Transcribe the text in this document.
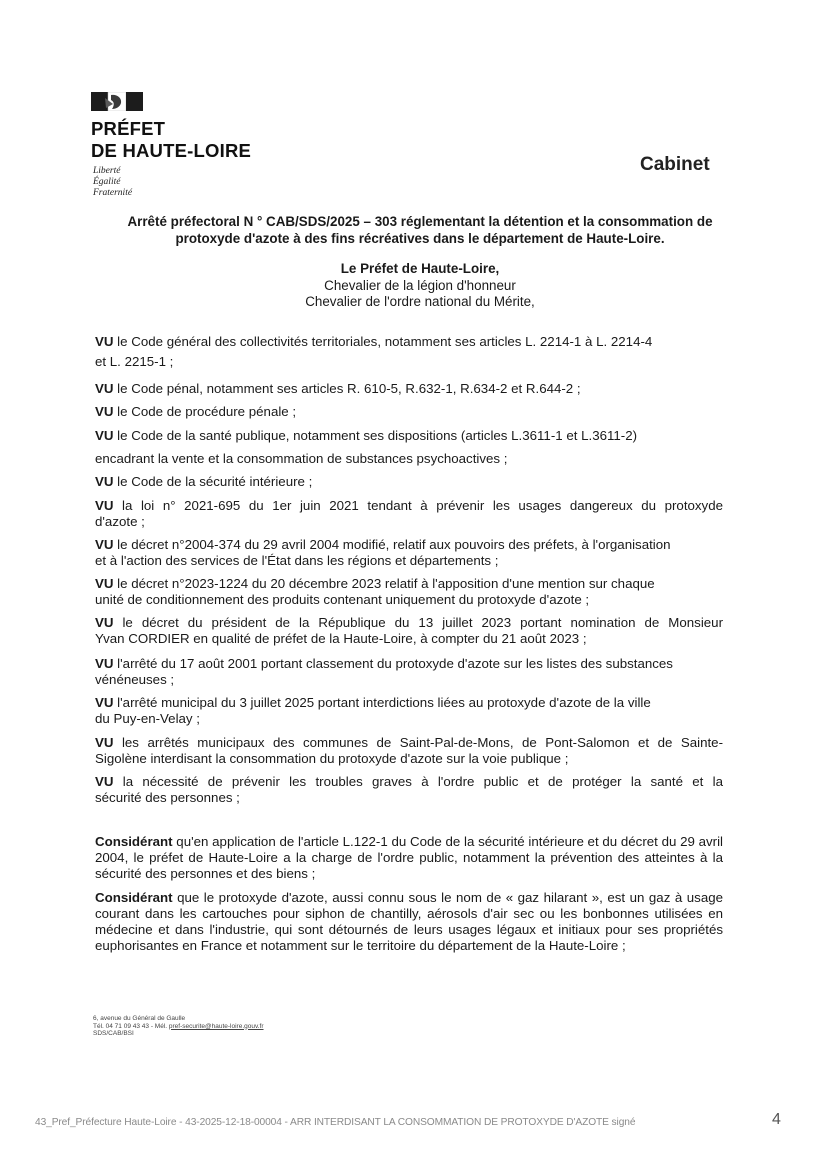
PRÉFET
DE HAUTE-LOIRE
Liberté
Égalité
Fraternité
Cabinet
Arrêté préfectoral N ° CAB/SDS/2025 – 303 réglementant la détention et la consommation de
protoxyde d'azote à des fins récréatives dans le département de Haute-Loire.
Le Préfet de Haute-Loire,
Chevalier de la légion d'honneur
Chevalier de l'ordre national du Mérite,
VU le Code général des collectivités territoriales, notamment ses articles L. 2214-1 à L. 2214-4
et L. 2215-1 ;
VU le Code pénal, notamment ses articles R. 610-5, R.632-1, R.634-2 et R.644-2 ;
VU le Code de procédure pénale ;
VU le Code de la santé publique, notamment ses dispositions (articles L.3611-1 et L.3611-2)
encadrant la vente et la consommation de substances psychoactives ;
VU le Code de la sécurité intérieure ;
VU la loi n° 2021-695 du 1er juin 2021 tendant à prévenir les usages dangereux du protoxyde
d'azote ;
VU le décret n°2004-374 du 29 avril 2004 modifié, relatif aux pouvoirs des préfets, à l'organisation
et à l'action des services de l'État dans les régions et départements ;
VU le décret n°2023-1224 du 20 décembre 2023 relatif à l'apposition d'une mention sur chaque
unité de conditionnement des produits contenant uniquement du protoxyde d'azote ;
VU le décret du président de la République du 13 juillet 2023 portant nomination de Monsieur
Yvan CORDIER en qualité de préfet de la Haute-Loire, à compter du 21 août 2023 ;
VU l'arrêté du 17 août 2001 portant classement du protoxyde d'azote sur les listes des substances
vénéneuses ;
VU l'arrêté municipal du 3 juillet 2025 portant interdictions liées au protoxyde d'azote de la ville
du Puy-en-Velay ;
VU les arrêtés municipaux des communes de Saint-Pal-de-Mons, de Pont-Salomon et de Sainte-
Sigolène interdisant la consommation du protoxyde d'azote sur la voie publique ;
VU la nécessité de prévenir les troubles graves à l'ordre public et de protéger la santé et la
sécurité des personnes ;
Considérant qu'en application de l'article L.122-1 du Code de la sécurité intérieure et du décret du 29 avril 2004, le préfet de Haute-Loire a la charge de l'ordre public, notamment la prévention des atteintes à la sécurité des personnes et des biens ;
Considérant que le protoxyde d'azote, aussi connu sous le nom de « gaz hilarant », est un gaz à usage courant dans les cartouches pour siphon de chantilly, aérosols d'air sec ou les bonbonnes utilisées en médecine et dans l'industrie, qui sont détournés de leurs usages légaux et initiaux pour ses propriétés euphorisantes en France et notamment sur le territoire du département de la Haute-Loire ;
6, avenue du Général de Gaulle
Tél. 04 71 09 43 43 - Mél. pref-securite@haute-loire.gouv.fr
SDS/CAB/BSI
43_Pref_Préfecture Haute-Loire - 43-2025-12-18-00004 - ARR INTERDISANT LA CONSOMMATION DE PROTOXYDE D'AZOTE signé	4
